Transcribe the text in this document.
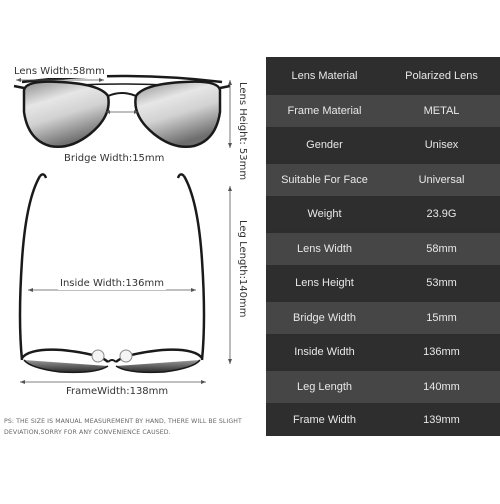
Lens Width:58mm
Bridge Width:15mm	Lens Height: 53mm
Inside Width:136mm	Leg Length:140mm
FrameWidth:138mm
PS: THE SIZE IS MANUAL MEASUREMENT BY HAND, THERE WILL BE SLIGHT DEVIATION,SORRY FOR ANY CONVENIENCE CAUSED.
Lens Material	Polarized Lens
Frame Material	METAL
Gender	Unisex
Suitable For Face	Universal
Weight	23.9G
Lens Width	58mm
Lens Height	53mm
Bridge Width	15mm
Inside Width	136mm
Leg Length	140mm
Frame Width	139mm
